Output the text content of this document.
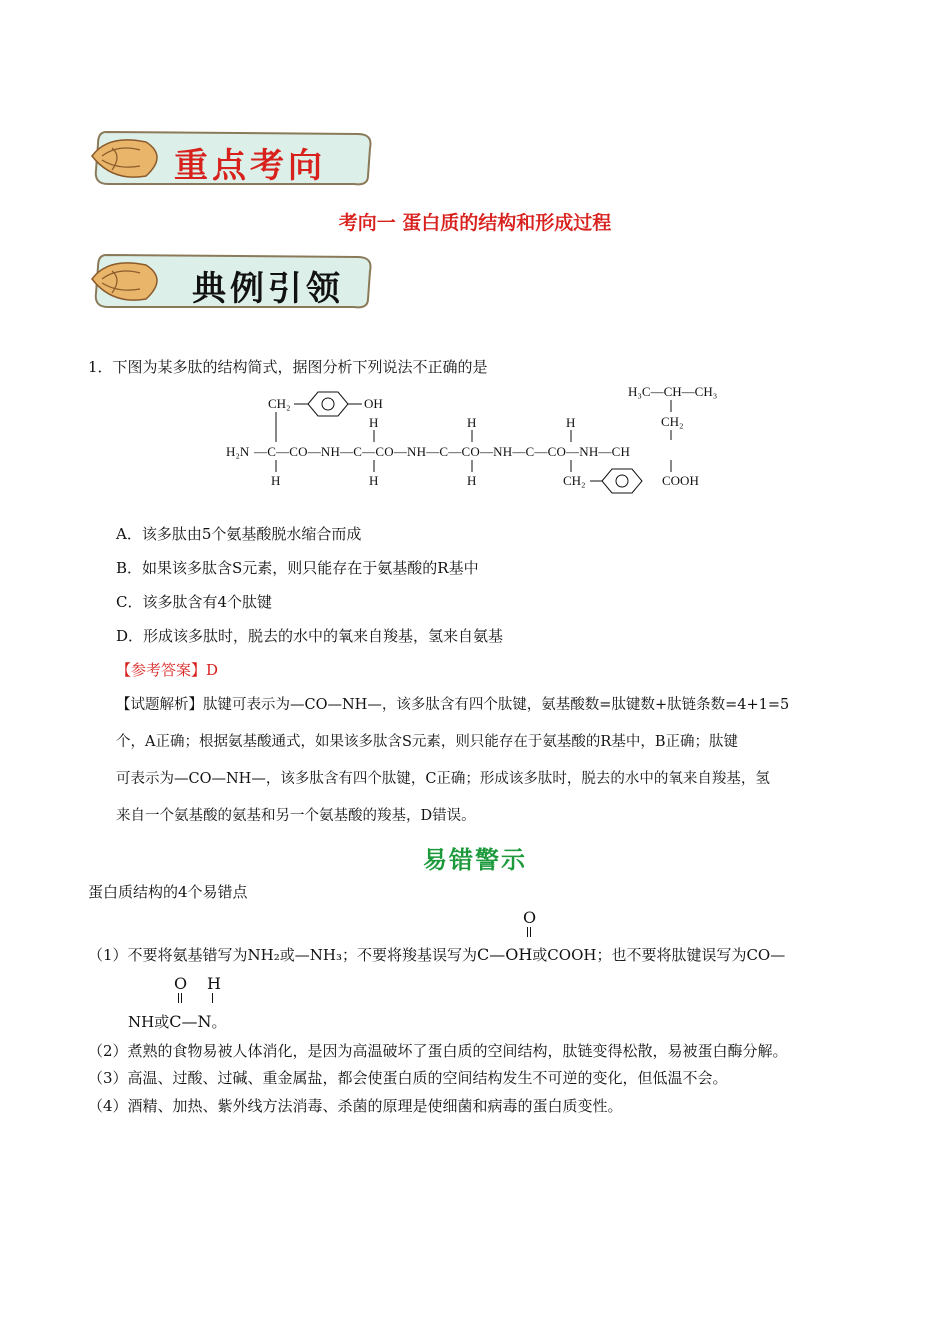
重点考向
考向一 蛋白质的结构和形成过程
典例引领
1．下图为某多肽的结构简式，据图分析下列说法不正确的是
H₃C—CH—CH₃
CH₂
CH₂	OH
H	H	H
H₂N —C—CO—NH—C—CO—NH—C—CO—NH—C—CO—NH—CH
H	H	H	CH₂	COOH
A．该多肽由5个氨基酸脱水缩合而成
B．如果该多肽含S元素，则只能存在于氨基酸的R基中
C．该多肽含有4个肽键
D．形成该多肽时，脱去的水中的氧来自羧基，氢来自氨基
【参考答案】D
【试题解析】肽键可表示为—CO—NH—，该多肽含有四个肽键，氨基酸数=肽键数+肽链条数=4+1=5
个，A正确；根据氨基酸通式，如果该多肽含S元素，则只能存在于氨基酸的R基中，B正确；肽键
可表示为—CO—NH—，该多肽含有四个肽键，C正确；形成该多肽时，脱去的水中的氧来自羧基，氢
来自一个氨基酸的氨基和另一个氨基酸的羧基，D错误。
易错警示
蛋白质结构的4个易错点
O
（1）不要将氨基错写为NH₂或—NH₃；不要将羧基误写为C—OH或COOH；也不要将肽键误写为CO—
O H
NH或C—N。
（2）煮熟的食物易被人体消化，是因为高温破坏了蛋白质的空间结构，肽链变得松散，易被蛋白酶分解。
（3）高温、过酸、过碱、重金属盐，都会使蛋白质的空间结构发生不可逆的变化，但低温不会。
（4）酒精、加热、紫外线方法消毒、杀菌的原理是使细菌和病毒的蛋白质变性。
